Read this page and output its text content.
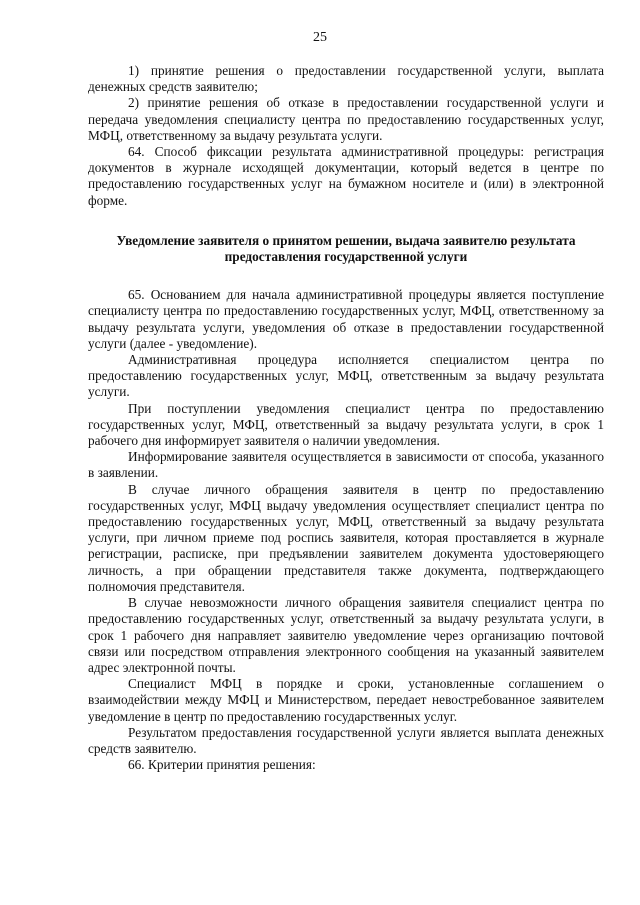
25

1) принятие решения о предоставлении государственной услуги, выплата денежных средств заявителю;

2) принятие решения об отказе в предоставлении государственной услуги и передача уведомления специалисту центра по предоставлению государственных услуг, МФЦ, ответственному за выдачу результата услуги.

64. Способ фиксации результата административной процедуры: регистрация документов в журнале исходящей документации, который ведется в центре по предоставлению государственных услуг на бумажном носителе и (или) в электронной форме.

Уведомление заявителя о принятом решении, выдача заявителю результата предоставления государственной услуги

65. Основанием для начала административной процедуры является поступление специалисту центра по предоставлению государственных услуг, МФЦ, ответственному за выдачу результата услуги, уведомления об отказе в предоставлении государственной услуги (далее - уведомление).

Административная процедура исполняется специалистом центра по предоставлению государственных услуг, МФЦ, ответственным за выдачу результата услуги.

При поступлении уведомления специалист центра по предоставлению государственных услуг, МФЦ, ответственный за выдачу результата услуги, в срок 1 рабочего дня информирует заявителя о наличии уведомления.

Информирование заявителя осуществляется в зависимости от способа, указанного в заявлении.

В случае личного обращения заявителя в центр по предоставлению государственных услуг, МФЦ выдачу уведомления осуществляет специалист центра по предоставлению государственных услуг, МФЦ, ответственный за выдачу результата услуги, при личном приеме под роспись заявителя, которая проставляется в журнале регистрации, расписке, при предъявлении заявителем документа удостоверяющего личность, а при обращении представителя также документа, подтверждающего полномочия представителя.

В случае невозможности личного обращения заявителя специалист центра по предоставлению государственных услуг, ответственный за выдачу результата услуги, в срок 1 рабочего дня направляет заявителю уведомление через организацию почтовой связи или посредством отправления электронного сообщения на указанный заявителем адрес электронной почты.

Специалист МФЦ в порядке и сроки, установленные соглашением о взаимодействии между МФЦ и Министерством, передает невостребованное заявителем уведомление в центр по предоставлению государственных услуг.

Результатом предоставления государственной услуги является выплата денежных средств заявителю.

66. Критерии принятия решения:
